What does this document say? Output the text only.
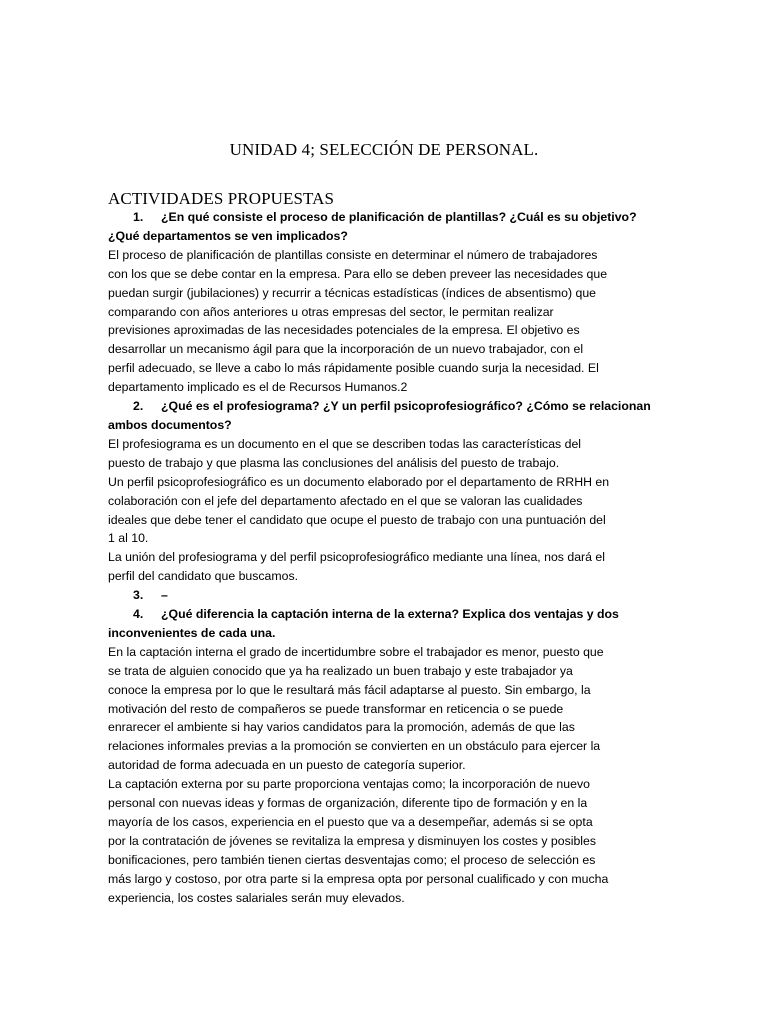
UNIDAD 4; SELECCIÓN DE PERSONAL.
ACTIVIDADES PROPUESTAS
1. ¿En qué consiste el proceso de planificación de plantillas? ¿Cuál es su objetivo?
¿Qué departamentos se ven implicados?
El proceso de planificación de plantillas consiste en determinar el número de trabajadores
con los que se debe contar en la empresa. Para ello se deben preveer las necesidades que
puedan surgir (jubilaciones) y recurrir a técnicas estadísticas (índices de absentismo) que
comparando con años anteriores u otras empresas del sector, le permitan realizar
previsiones aproximadas de las necesidades potenciales de la empresa. El objetivo es
desarrollar un mecanismo ágil para que la incorporación de un nuevo trabajador, con el
perfil adecuado, se lleve a cabo lo más rápidamente posible cuando surja la necesidad. El
departamento implicado es el de Recursos Humanos.2
2. ¿Qué es el profesiograma? ¿Y un perfil psicoprofesiográfico? ¿Cómo se relacionan
ambos documentos?
El profesiograma es un documento en el que se describen todas las características del
puesto de trabajo y que plasma las conclusiones del análisis del puesto de trabajo.
Un perfil psicoprofesiográfico es un documento elaborado por el departamento de RRHH en
colaboración con el jefe del departamento afectado en el que se valoran las cualidades
ideales que debe tener el candidato que ocupe el puesto de trabajo con una puntuación del
1 al 10.
La unión del profesiograma y del perfil psicoprofesiográfico mediante una línea, nos dará el
perfil del candidato que buscamos.
3. –
4. ¿Qué diferencia la captación interna de la externa? Explica dos ventajas y dos
inconvenientes de cada una.
En la captación interna el grado de incertidumbre sobre el trabajador es menor, puesto que
se trata de alguien conocido que ya ha realizado un buen trabajo y este trabajador ya
conoce la empresa por lo que le resultará más fácil adaptarse al puesto. Sin embargo, la
motivación del resto de compañeros se puede transformar en reticencia o se puede
enrarecer el ambiente si hay varios candidatos para la promoción, además de que las
relaciones informales previas a la promoción se convierten en un obstáculo para ejercer la
autoridad de forma adecuada en un puesto de categoría superior.
La captación externa por su parte proporciona ventajas como; la incorporación de nuevo
personal con nuevas ideas y formas de organización, diferente tipo de formación y en la
mayoría de los casos, experiencia en el puesto que va a desempeñar, además si se opta
por la contratación de jóvenes se revitaliza la empresa y disminuyen los costes y posibles
bonificaciones, pero también tienen ciertas desventajas como; el proceso de selección es
más largo y costoso, por otra parte si la empresa opta por personal cualificado y con mucha
experiencia, los costes salariales serán muy elevados.
